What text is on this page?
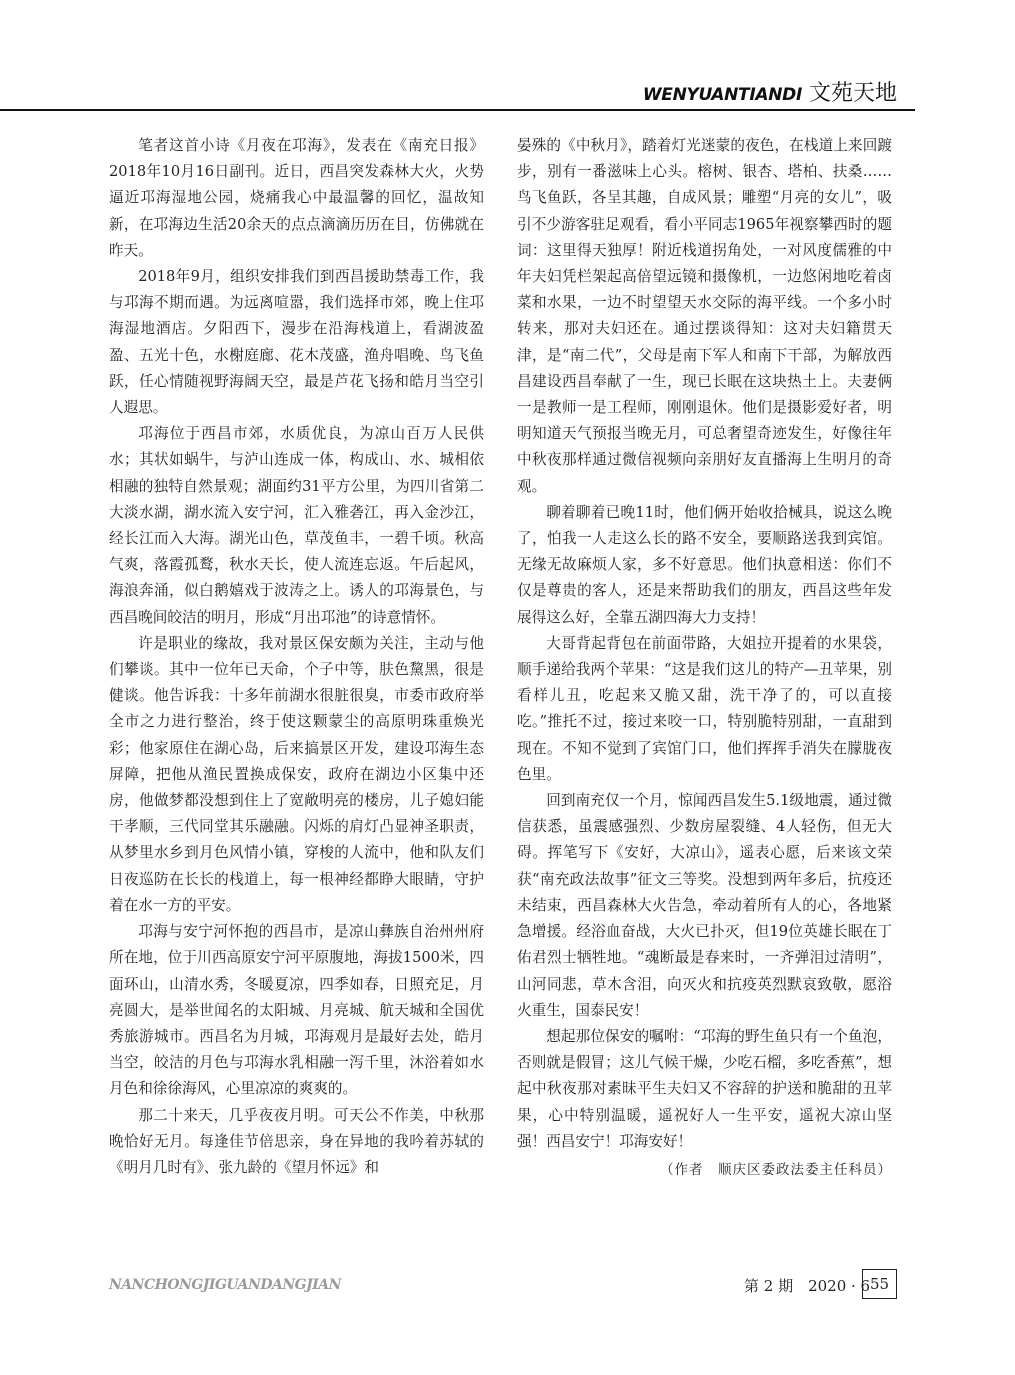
WENYUANTIANDI 文苑天地

笔者这首小诗《月夜在邛海》，发表在《南充日报》2018年10月16日副刊。近日，西昌突发森林大火，火势逼近邛海湿地公园，烧痛我心中最温馨的回忆，温故知新，在邛海边生活20余天的点点滴滴历历在目，仿佛就在昨天。

2018年9月，组织安排我们到西昌援助禁毒工作，我与邛海不期而遇。为远离喧嚣，我们选择市郊，晚上住邛海湿地酒店。夕阳西下，漫步在沿海栈道上，看湖波盈盈、五光十色，水榭庭廊、花木茂盛，渔舟唱晚、鸟飞鱼跃，任心情随视野海阔天空，最是芦花飞扬和皓月当空引人遐思。

邛海位于西昌市郊，水质优良，为凉山百万人民供水；其状如蜗牛，与泸山连成一体，构成山、水、城相依相融的独特自然景观；湖面约31平方公里，为四川省第二大淡水湖，湖水流入安宁河，汇入雅砻江，再入金沙江，经长江而入大海。湖光山色，草茂鱼丰，一碧千顷。秋高气爽，落霞孤鹜，秋水天长，使人流连忘返。午后起风，海浪奔涌，似白鹅嬉戏于波涛之上。诱人的邛海景色，与西昌晚间皎洁的明月，形成“月出邛池”的诗意情怀。

许是职业的缘故，我对景区保安颇为关注，主动与他们攀谈。其中一位年已天命，个子中等，肤色黧黑，很是健谈。他告诉我：十多年前湖水很脏很臭，市委市政府举全市之力进行整治，终于使这颗蒙尘的高原明珠重焕光彩；他家原住在湖心岛，后来搞景区开发，建设邛海生态屏障，把他从渔民置换成保安，政府在湖边小区集中还房，他做梦都没想到住上了宽敞明亮的楼房，儿子媳妇能干孝顺，三代同堂其乐融融。闪烁的肩灯凸显神圣职责，从梦里水乡到月色风情小镇，穿梭的人流中，他和队友们日夜巡防在长长的栈道上，每一根神经都睁大眼睛，守护着在水一方的平安。

邛海与安宁河怀抱的西昌市，是凉山彝族自治州州府所在地，位于川西高原安宁河平原腹地，海拔1500米，四面环山，山清水秀，冬暖夏凉，四季如春，日照充足，月亮圆大，是举世闻名的太阳城、月亮城、航天城和全国优秀旅游城市。西昌名为月城，邛海观月是最好去处，皓月当空，皎洁的月色与邛海水乳相融一泻千里，沐浴着如水月色和徐徐海风，心里凉凉的爽爽的。

那二十来天，几乎夜夜月明。可天公不作美，中秋那晚恰好无月。每逢佳节倍思亲，身在异地的我吟着苏轼的《明月几时有》、张九龄的《望月怀远》和

晏殊的《中秋月》，踏着灯光迷蒙的夜色，在栈道上来回踱步，别有一番滋味上心头。榕树、银杏、塔柏、扶桑……鸟飞鱼跃，各呈其趣，自成风景；雕塑“月亮的女儿”，吸引不少游客驻足观看，看小平同志1965年视察攀西时的题词：这里得天独厚！附近栈道拐角处，一对风度儒雅的中年夫妇凭栏架起高倍望远镜和摄像机，一边悠闲地吃着卤菜和水果，一边不时望望天水交际的海平线。一个多小时转来，那对夫妇还在。通过摆谈得知：这对夫妇籍贯天津，是“南二代”，父母是南下军人和南下干部，为解放西昌建设西昌奉献了一生，现已长眠在这块热土上。夫妻俩一是教师一是工程师，刚刚退休。他们是摄影爱好者，明明知道天气预报当晚无月，可总奢望奇迹发生，好像往年中秋夜那样通过微信视频向亲朋好友直播海上生明月的奇观。

聊着聊着已晚11时，他们俩开始收拾械具，说这么晚了，怕我一人走这么长的路不安全，要顺路送我到宾馆。无缘无故麻烦人家，多不好意思。他们执意相送：你们不仅是尊贵的客人，还是来帮助我们的朋友，西昌这些年发展得这么好，全靠五湖四海大力支持！

大哥背起背包在前面带路，大姐拉开提着的水果袋，顺手递给我两个苹果：“这是我们这儿的特产—丑苹果，别看样儿丑，吃起来又脆又甜，洗干净了的，可以直接吃。”推托不过，接过来咬一口，特别脆特别甜，一直甜到现在。不知不觉到了宾馆门口，他们挥挥手消失在朦胧夜色里。

回到南充仅一个月，惊闻西昌发生5.1级地震，通过微信获悉，虽震感强烈、少数房屋裂缝、4人轻伤，但无大碍。挥笔写下《安好，大凉山》，遥表心愿，后来该文荣获“南充政法故事”征文三等奖。没想到两年多后，抗疫还未结束，西昌森林大火告急，牵动着所有人的心，各地紧急增援。经浴血奋战，大火已扑灭，但19位英雄长眠在丁佑君烈士牺牲地。“魂断最是春来时，一齐弹泪过清明”，山河同悲，草木含泪，向灭火和抗疫英烈默哀致敬，愿浴火重生，国泰民安！

想起那位保安的嘱咐：“邛海的野生鱼只有一个鱼泡，否则就是假冒；这儿气候干燥，少吃石榴，多吃香蕉”，想起中秋夜那对素昧平生夫妇又不容辞的护送和脆甜的丑苹果，心中特别温暖，遥祝好人一生平安，遥祝大凉山坚强！西昌安宁！邛海安好！

（作者　顺庆区委政法委主任科员）

NANCHONGJIGUANDANGJIAN	第 2 期　2020 · 6 55
